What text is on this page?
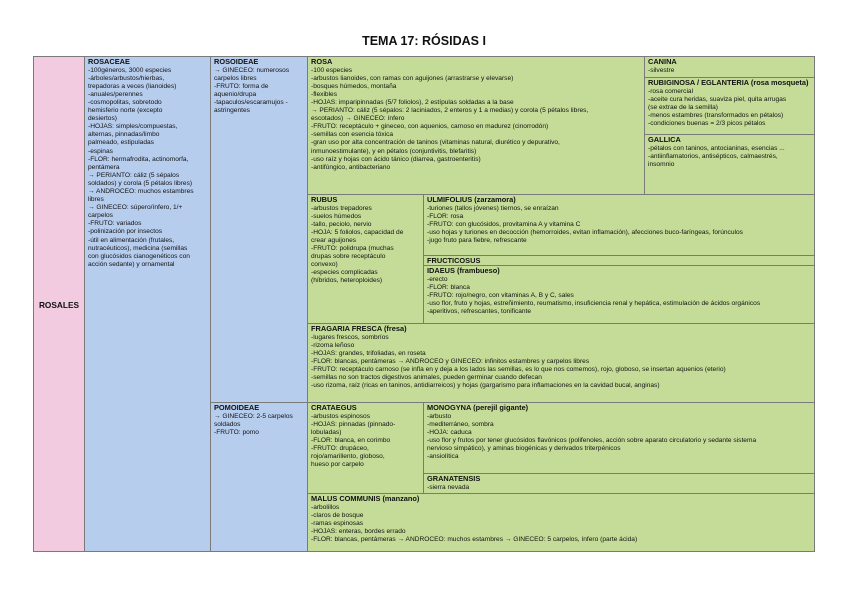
TEMA 17: RÓSIDAS I
ROSALES
ROSACEAE
-100géneros, 3000 especies
-árboles/arbustos/hierbas,
trepadoras a veces (lianoides)
-anuales/perennes
-cosmopolitas, sobretodo
hemisferio norte (excepto
desiertos)
-HOJAS: simples/compuestas,
alternas, pinnadas/limbo
palmeado, estipuladas
-espinas
-FLOR: hermafrodita, actinomorfa,
pentámera
→ PERIANTO: cáliz (5 sépalos
soldados) y corola (5 pétalos libres)
→ ANDROCEO: muchos estambres
libres
→ GINECEO: súpero/ínfero, 1/+
carpelos
-FRUTO: variados
-polinización por insectos
-útil en alimentación (frutales,
nutracéuticos), medicina (semillas
con glucósidos cianogenéticos con
acción sedante) y ornamental
ROSOIDEAE
→ GINECEO: numerosos
carpelos libres
-FRUTO: forma de
aquenio/drupa
-tapaculos/escaramujos -
astringentes
POMOIDEAE
→ GINECEO: 2-5 carpelos
soldados
-FRUTO: pomo
ROSA
-100 especies
-arbustos lianoides, con ramas con aguijones (arrastrarse y elevarse)
-bosques húmedos, montaña
-flexibles
-HOJAS: imparipinnadas (5/7 foliolos), 2 estípulas soldadas a la base
→ PERIANTO: cáliz (5 sépalos: 2 laciniados, 2 enteros y 1 a medias) y corola (5 pétalos libres,
escotados) → GINECEO: ínfero
-FRUTO: receptáculo + gineceo, con aquenios, carnoso en madurez (cinorrodón)
-semillas con esencia tóxica
-gran uso por alta concentración de taninos (vitaminas natural, diurético y depurativo,
inmunoestimulante), y en pétalos (conjuntivitis, blefaritis)
-uso raíz y hojas con ácido tánico (diarrea, gastroenteritis)
-antifúngico, antibacteriano
CANINA
-silvestre
RUBIGINOSA / EGLANTERIA (rosa mosqueta)
-rosa comercial
-aceite cura heridas, suaviza piel, quita arrugas
(se extrae de la semilla)
-menos estambres (transformados en pétalos)
-condiciones buenas = 2/3 picos pétalos
GALLICA
-pétalos con taninos, antocianinas, esencias ...
-antiinflamatorios, antisépticos, calmaestrés,
insomnio
RUBUS
-arbustos trepadores
-suelos húmedos
-tallo, peciolo, nervio
-HOJA: 5 foliolos, capacidad de
crear aguijones
-FRUTO: polidrupa (muchas
drupas sobre receptáculo
convexo)
-especies complicadas
(híbridos, heteroploides)
ULMIFOLIUS (zarzamora)
-turiones (tallos jóvenes) tiernos, se enraízan
-FLOR: rosa
-FRUTO: con glucósidos, provitamina A y vitamina C
-uso hojas y turiones en decocción (hemorroides, evitan inflamación), afecciones buco-faríngeas, forúnculos
-jugo fruto para fiebre, refrescante
FRUCTICOSUS
IDAEUS (frambueso)
-erecto
-FLOR: blanca
-FRUTO: rojo/negro, con vitaminas A, B y C, sales
-uso flor, fruto y hojas, estreñimiento, reumatismo, insuficiencia renal y hepática, estimulación de ácidos orgánicos
-aperitivos, refrescantes, tonificante
FRAGARIA FRESCA (fresa)
-lugares frescos, sombríos
-rizoma leñoso
-HOJAS: grandes, trifoliadas, en roseta
-FLOR: blancas, pentámeras → ANDROCEO y GINECEO: infinitos estambres y carpelos libres
-FRUTO: receptáculo carnoso (se infla en y deja a los lados las semillas, es lo que nos comemos), rojo, globoso, se insertan aquenios (eterio)
-semillas no son tractos digestivos animales, pueden germinar cuando defecan
-uso rizoma, raíz (ricas en taninos, antidiarreicos) y hojas (gargarismo para inflamaciones en la cavidad bucal, anginas)
CRATAEGUS
-arbustos espinosos
-HOJAS: pinnadas (pinnado-
lobuladas)
-FLOR: blanca, en corimbo
-FRUTO: drupáceo,
rojo/amarillento, globoso,
hueso por carpelo
MONOGYNA (perejil gigante)
-arbusto
-mediterráneo, sombra
-HOJA: caduca
-uso flor y frutos por tener glucósidos flavónicos (polifenoles, acción sobre aparato circulatorio y sedante sistema
nervioso simpático), y aminas biogénicas y derivados triterpénicos
-ansiolítica
GRANATENSIS
-sierra nevada
MALUS COMMUNIS (manzano)
-arbolillos
-claros de bosque
-ramas espinosas
-HOJAS: enteras, bordes errado
-FLOR: blancas, pentámeras → ANDROCEO: muchos estambres → GINECEO: 5 carpelos, ínfero (parte ácida)
